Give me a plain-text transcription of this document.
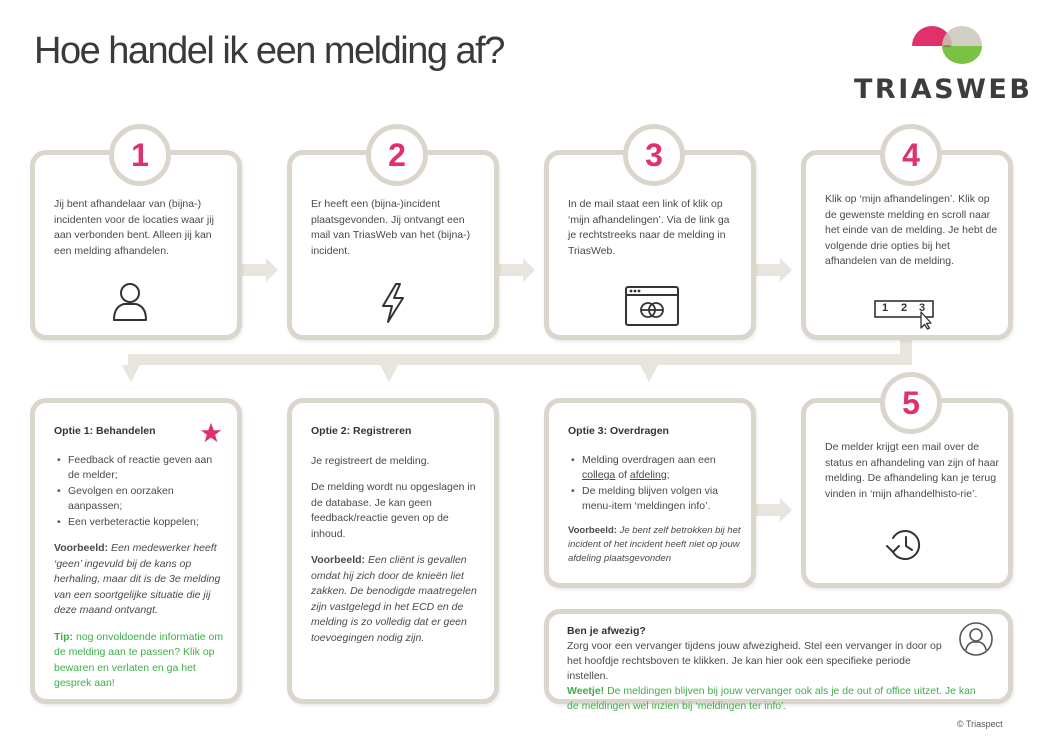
Hoe handel ik een melding af?
TRIASWEB
1
Jij bent afhandelaar van (bijna-) incidenten voor de locaties waar jij aan verbonden bent. Alleen jij kan een melding afhandelen.
2
Er heeft een (bijna-)incident plaatsgevonden. Jij ontvangt een mail van TriasWeb van het (bijna-) incident.
3
In de mail staat een link of klik op ‘mijn afhandelingen’. Via de link ga je rechtstreeks naar de melding in TriasWeb.
4
Klik op ‘mijn afhandelingen’. Klik op de gewenste melding en scroll naar het einde van de melding. Je hebt de volgende drie opties bij het afhandelen van de melding.
1 2 3
Optie 1: Behandelen
• Feedback of reactie geven aan de melder;
• Gevolgen en oorzaken aanpassen;
• Een verbeteractie koppelen;
Voorbeeld: Een medewerker heeft ‘geen’ ingevuld bij de kans op herhaling, maar dit is de 3e melding van een soortgelijke situatie die jij deze maand ontvangt.
Tip: nog onvoldoende informatie om de melding aan te passen? Klik op bewaren en verlaten en ga het gesprek aan!
Optie 2: Registreren
Je registreert de melding.
De melding wordt nu opgeslagen in de database. Je kan geen feedback/reactie geven op de inhoud.
Voorbeeld: Een cliënt is gevallen omdat hij zich door de knieën liet zakken. De benodigde maatregelen zijn vastgelegd in het ECD en de melding is zo volledig dat er geen toevoegingen nodig zijn.
Optie 3: Overdragen
• Melding overdragen aan een collega of afdeling;
• De melding blijven volgen via menu-item ‘meldingen info’.
Voorbeeld: Je bent zelf betrokken bij het incident of het incident heeft niet op jouw afdeling plaatsgevonden
5
De melder krijgt een mail over de status en afhandeling van zijn of haar melding. De afhandeling kan je terug vinden in ‘mijn afhandelhisto-rie’.
Ben je afwezig?
Zorg voor een vervanger tijdens jouw afwezigheid. Stel een vervanger in door op het hoofdje rechtsboven te klikken. Je kan hier ook een specifieke periode instellen.
Weetje! De meldingen blijven bij jouw vervanger ook als je de out of office uitzet. Je kan de meldingen wel inzien bij ‘meldingen ter info’.
© Triaspect
